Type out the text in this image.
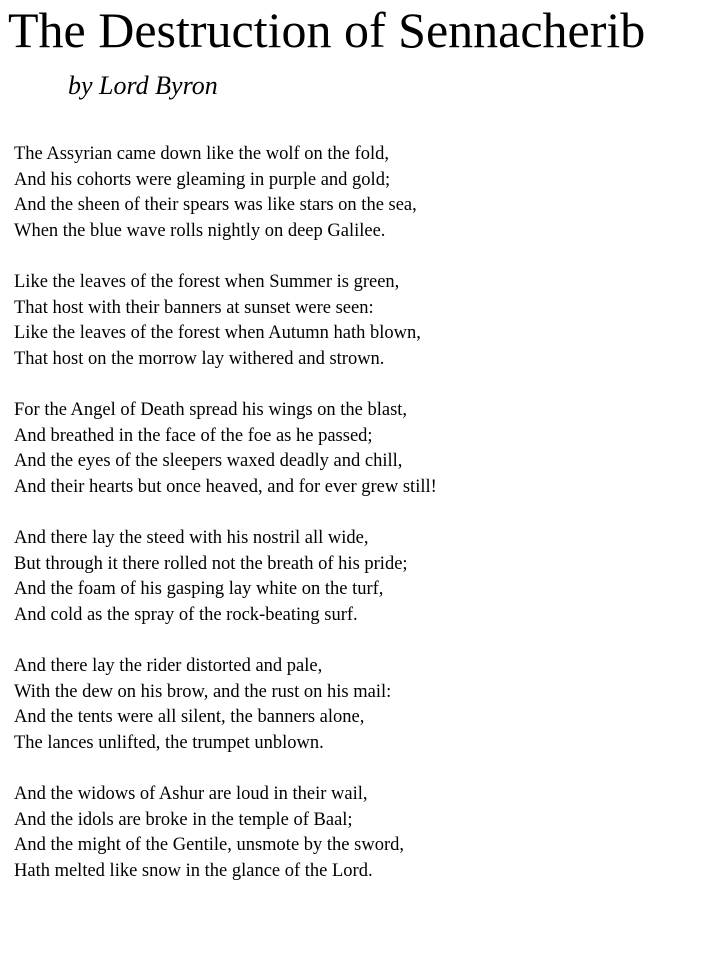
The Destruction of Sennacherib

by Lord Byron

The Assyrian came down like the wolf on the fold,
And his cohorts were gleaming in purple and gold;
And the sheen of their spears was like stars on the sea,
When the blue wave rolls nightly on deep Galilee.

Like the leaves of the forest when Summer is green,
That host with their banners at sunset were seen:
Like the leaves of the forest when Autumn hath blown,
That host on the morrow lay withered and strown.

For the Angel of Death spread his wings on the blast,
And breathed in the face of the foe as he passed;
And the eyes of the sleepers waxed deadly and chill,
And their hearts but once heaved, and for ever grew still!

And there lay the steed with his nostril all wide,
But through it there rolled not the breath of his pride;
And the foam of his gasping lay white on the turf,
And cold as the spray of the rock-beating surf.

And there lay the rider distorted and pale,
With the dew on his brow, and the rust on his mail:
And the tents were all silent, the banners alone,
The lances unlifted, the trumpet unblown.

And the widows of Ashur are loud in their wail,
And the idols are broke in the temple of Baal;
And the might of the Gentile, unsmote by the sword,
Hath melted like snow in the glance of the Lord.
